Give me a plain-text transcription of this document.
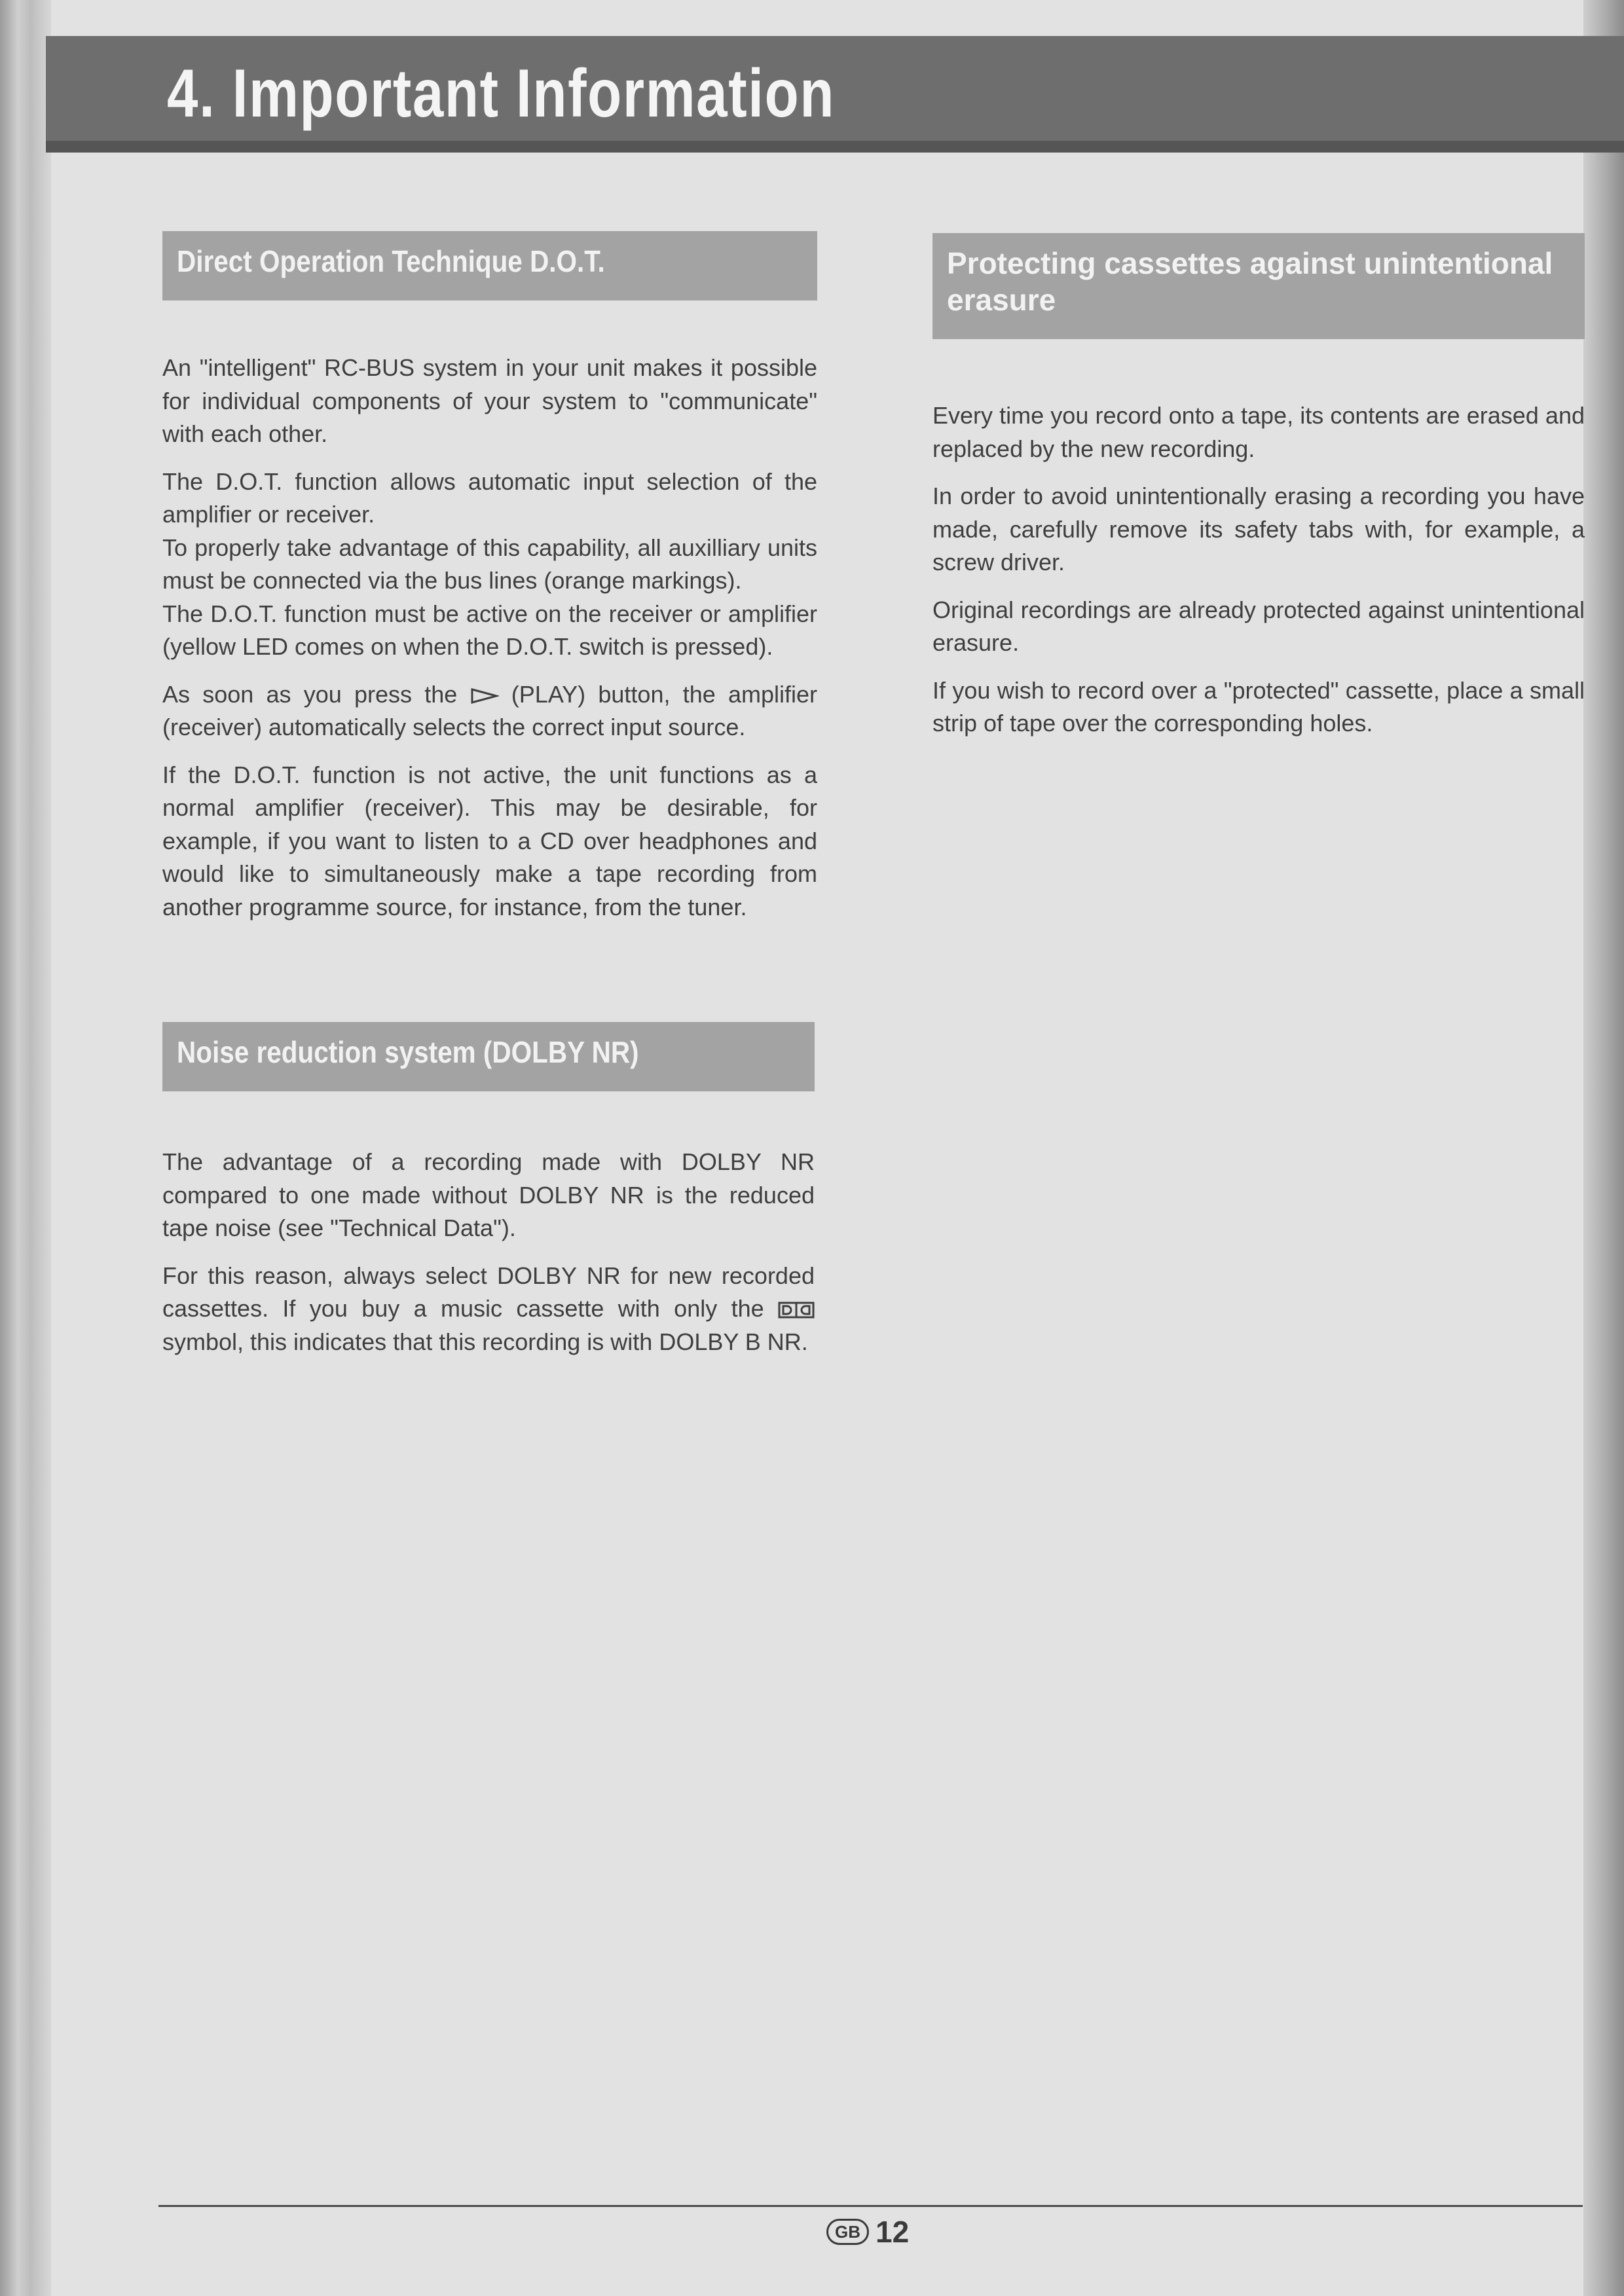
4. Important Information
Direct Operation Technique D.O.T.

An "intelligent" RC-BUS system in your unit makes it possible for individual components of your system to "communicate" with each other.

The D.O.T. function allows automatic input selection of the amplifier or receiver.
To properly take advantage of this capability, all auxilliary units must be connected via the bus lines (orange markings).
The D.O.T. function must be active on the receiver or amplifier (yellow LED comes on when the D.O.T. switch is pressed).

As soon as you press the (PLAY) button, the amplifier (receiver) automatically selects the correct input source.

If the D.O.T. function is not active, the unit functions as a normal amplifier (receiver). This may be desirable, for example, if you want to listen to a CD over headphones and would like to simultaneously make a tape recording from another programme source, for instance, from the tuner.

Noise reduction system (DOLBY NR)

The advantage of a recording made with DOLBY NR compared to one made without DOLBY NR is the reduced tape noise (see "Technical Data").

For this reason, always select DOLBY NR for new recorded cassettes. If you buy a music cassette with only the  symbol, this indicates that this recording is with DOLBY B NR.

Protecting cassettes against unintentional erasure

Every time you record onto a tape, its contents are erased and replaced by the new recording.

In order to avoid unintentionally erasing a recording you have made, carefully remove its safety tabs with, for example, a screw driver.

Original recordings are already protected against unintentional erasure.

If you wish to record over a "protected" cassette, place a small strip of tape over the corresponding holes.

GB 12
